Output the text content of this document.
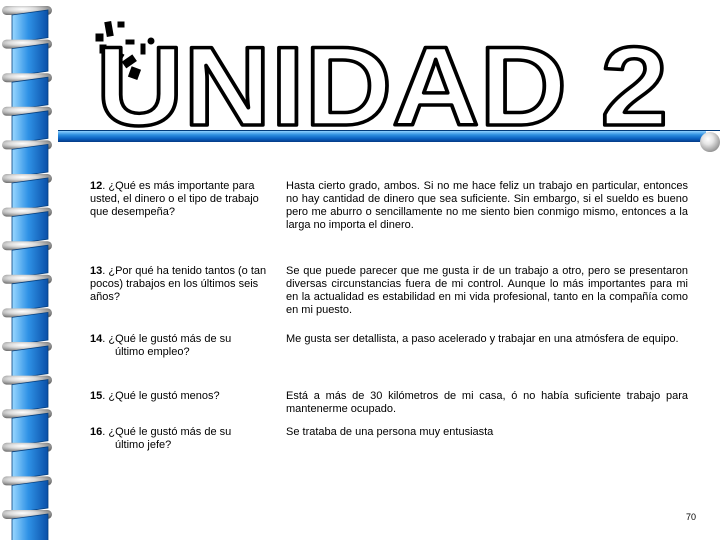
UNIDAD 2
12. ¿Qué es más importante para usted, el dinero o el tipo de trabajo que desempeña?
Hasta cierto grado, ambos. Si no me hace feliz un trabajo en particular, entonces no hay cantidad de dinero que sea suficiente. Sin embargo, si el sueldo es bueno pero me aburro o sencillamente no me siento bien conmigo mismo, entonces a la larga no importa el dinero.
13. ¿Por qué ha tenido tantos (o tan pocos) trabajos en los últimos seis años?
Se que puede parecer que me gusta ir de un trabajo a otro, pero se presentaron diversas circunstancias fuera de mi control. Aunque lo más importantes para mi en la actualidad es estabilidad en mi vida profesional, tanto en la compañía como en mi puesto.
14. ¿Qué le gustó más de su
último empleo?
Me gusta ser detallista, a paso acelerado y trabajar en una atmósfera de equipo.
15. ¿Qué le gustó menos?	Está a más de 30 kilómetros de mi casa, ó no había suficiente trabajo para mantenerme ocupado.
16. ¿Qué le gustó más de su
último jefe?
Se trataba de una persona muy entusiasta
70
